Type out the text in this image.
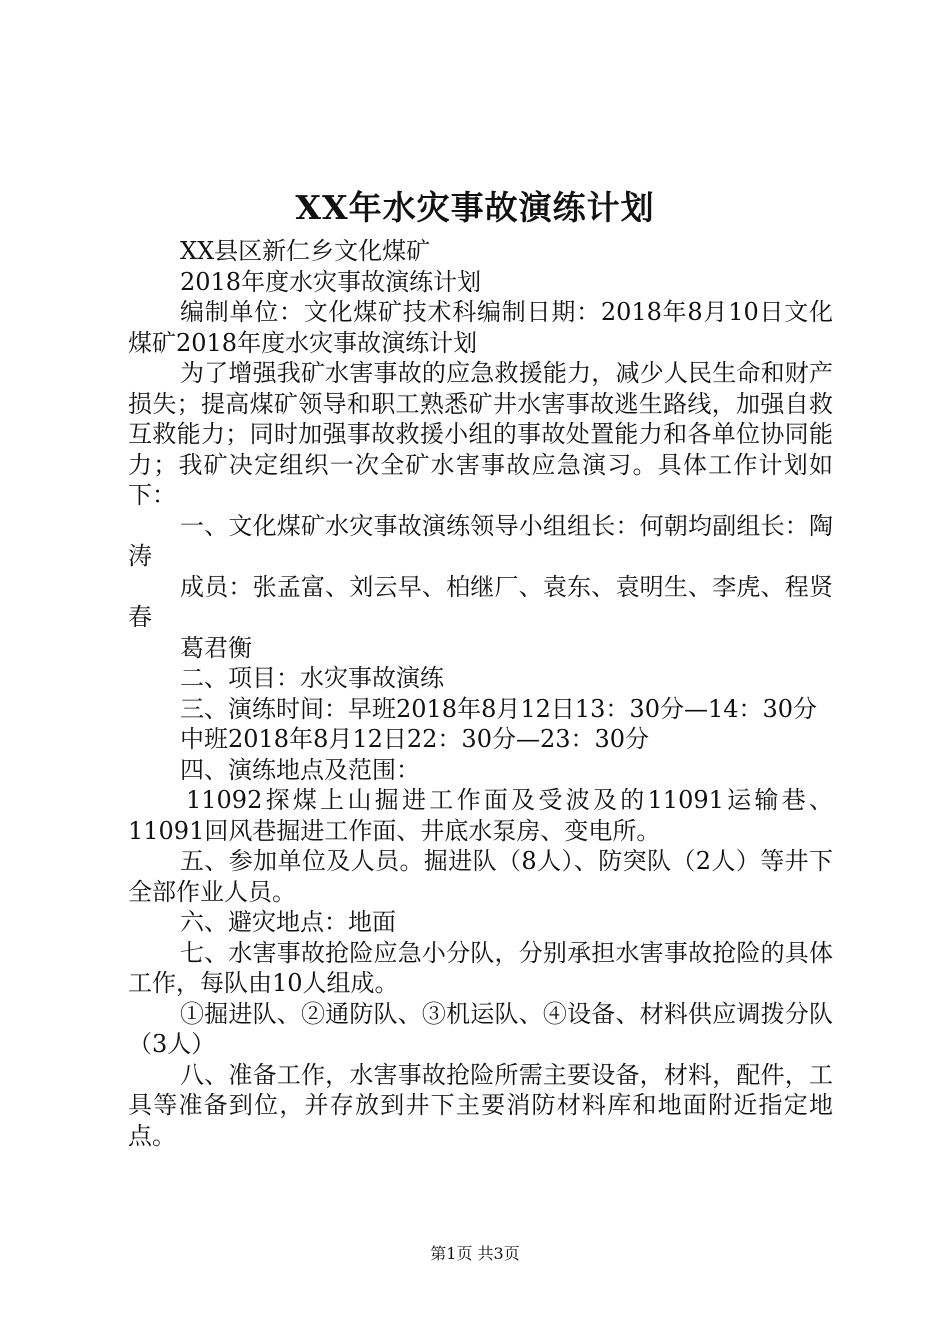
XX年水灾事故演练计划

XX县区新仁乡文化煤矿

2018年度水灾事故演练计划

编制单位：文化煤矿技术科编制日期：2018年8月10日文化煤矿2018年度水灾事故演练计划

为了增强我矿水害事故的应急救援能力，减少人民生命和财产损失；提高煤矿领导和职工熟悉矿井水害事故逃生路线，加强自救互救能力；同时加强事故救援小组的事故处置能力和各单位协同能力；我矿决定组织一次全矿水害事故应急演习。具体工作计划如下：

一、文化煤矿水灾事故演练领导小组组长：何朝均副组长：陶涛

成员：张孟富、刘云早、柏继厂、袁东、袁明生、李虎、程贤春

葛君衡

二、项目：水灾事故演练

三、演练时间：早班2018年8月12日13：30分—14：30分

中班2018年8月12日22：30分—23：30分

四、演练地点及范围：

11092探煤上山掘进工作面及受波及的11091运输巷、11091回风巷掘进工作面、井底水泵房、变电所。

五、参加单位及人员。掘进队（8人）、防突队（2人）等井下全部作业人员。

六、避灾地点：地面

七、水害事故抢险应急小分队，分别承担水害事故抢险的具体工作，每队由10人组成。

①掘进队、②通防队、③机运队、④设备、材料供应调拨分队（3人）

八、准备工作，水害事故抢险所需主要设备，材料，配件，工具等准备到位，并存放到井下主要消防材料库和地面附近指定地点。

第1页 共3页
